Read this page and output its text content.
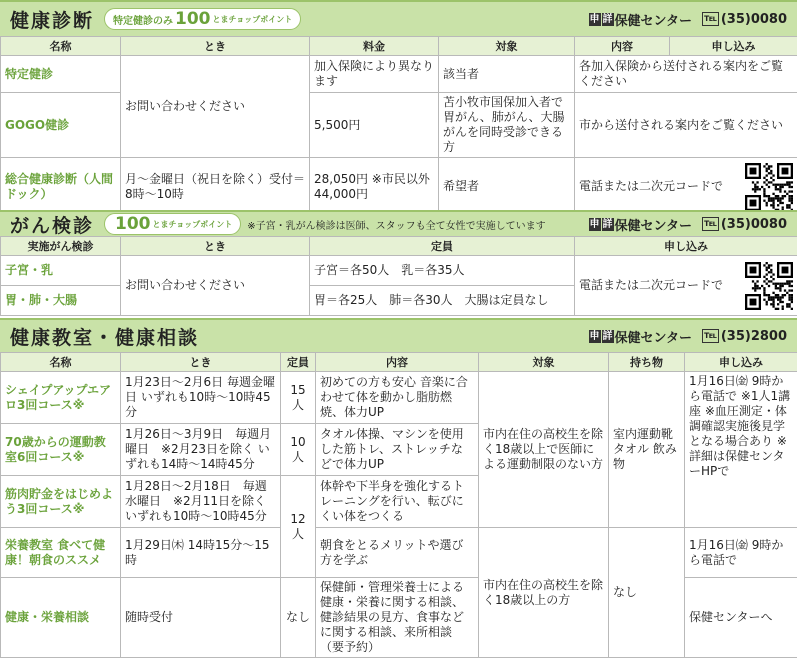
健康診断 特定健診のみ 100 とまチョップポイント	申 詳 保健センター ℡ (35)0080
名称	とき	料金	対象	内容	申し込み
特定健診	お問い合わせください	加入保険により異なります	該当者	各加入保険から送付される案内をご覧ください	
GOGO健診		5,500円	苫小牧市国保加入者で胃がん、肺がん、大腸がんを同時受診できる方	市から送付される案内をご覧ください	
総合健康診断（人間ドック）	月～金曜日（祝日を除く）受付＝8時～10時	28,050円 ※市民以外44,000円	希望者	電話または二次元コードで	
がん検診 100 とまチョップポイント ※子宮・乳がん検診は医師、スタッフも全て女性で実施しています	申 詳 保健センター ℡ (35)0080
実施がん検診	とき	定員	申し込み
子宮・乳	お問い合わせください	子宮＝各50人　乳＝各35人	電話または二次元コードで

胃・肺・大腸		胃＝各25人　肺＝各30人　大腸は定員なし	
健康教室・健康相談	申 詳 保健センター ℡ (35)2800
名称	とき	定員	内容	対象	持ち物	申し込み
シェイプアップエアロ3回コース※	1月23日～2月6日 毎週金曜日 いずれも10時～10時45分	15人	初めての方も安心 音楽に合わせて体を動かし脂肪燃焼、体力UP	市内在住の高校生を除く18歳以上で医師による運動制限のない方	室内運動靴 タオル 飲み物	1月16日㈮ 9時から電話で ※1人1講座 ※血圧測定・体調確認実施後見学となる場合あり ※詳細は保健センターHPで
70歳からの運動教室6回コース※	1月26日～3月9日　毎週月曜日　※2月23日を除く いずれも14時～14時45分	10人	タオル体操、マシンを使用した筋トレ、ストレッチなどで体力UP			
筋肉貯金をはじめよう3回コース※	1月28日～2月18日　毎週水曜日　※2月11日を除く いずれも10時～10時45分	12人	体幹や下半身を強化するトレーニングを行い、転びにくい体をつくる			
栄養教室 食べて健康！朝食のススメ	1月29日㈭ 14時15分～15時		朝食をとるメリットや選び方を学ぶ	市内在住の高校生を除く18歳以上の方	なし	1月16日㈮ 9時から電話で
健康・栄養相談	随時受付	なし	保健師・管理栄養士による健康・栄養に関する相談、健診結果の見方、食事などに関する相談、来所相談（要予約）			保健センターへ
